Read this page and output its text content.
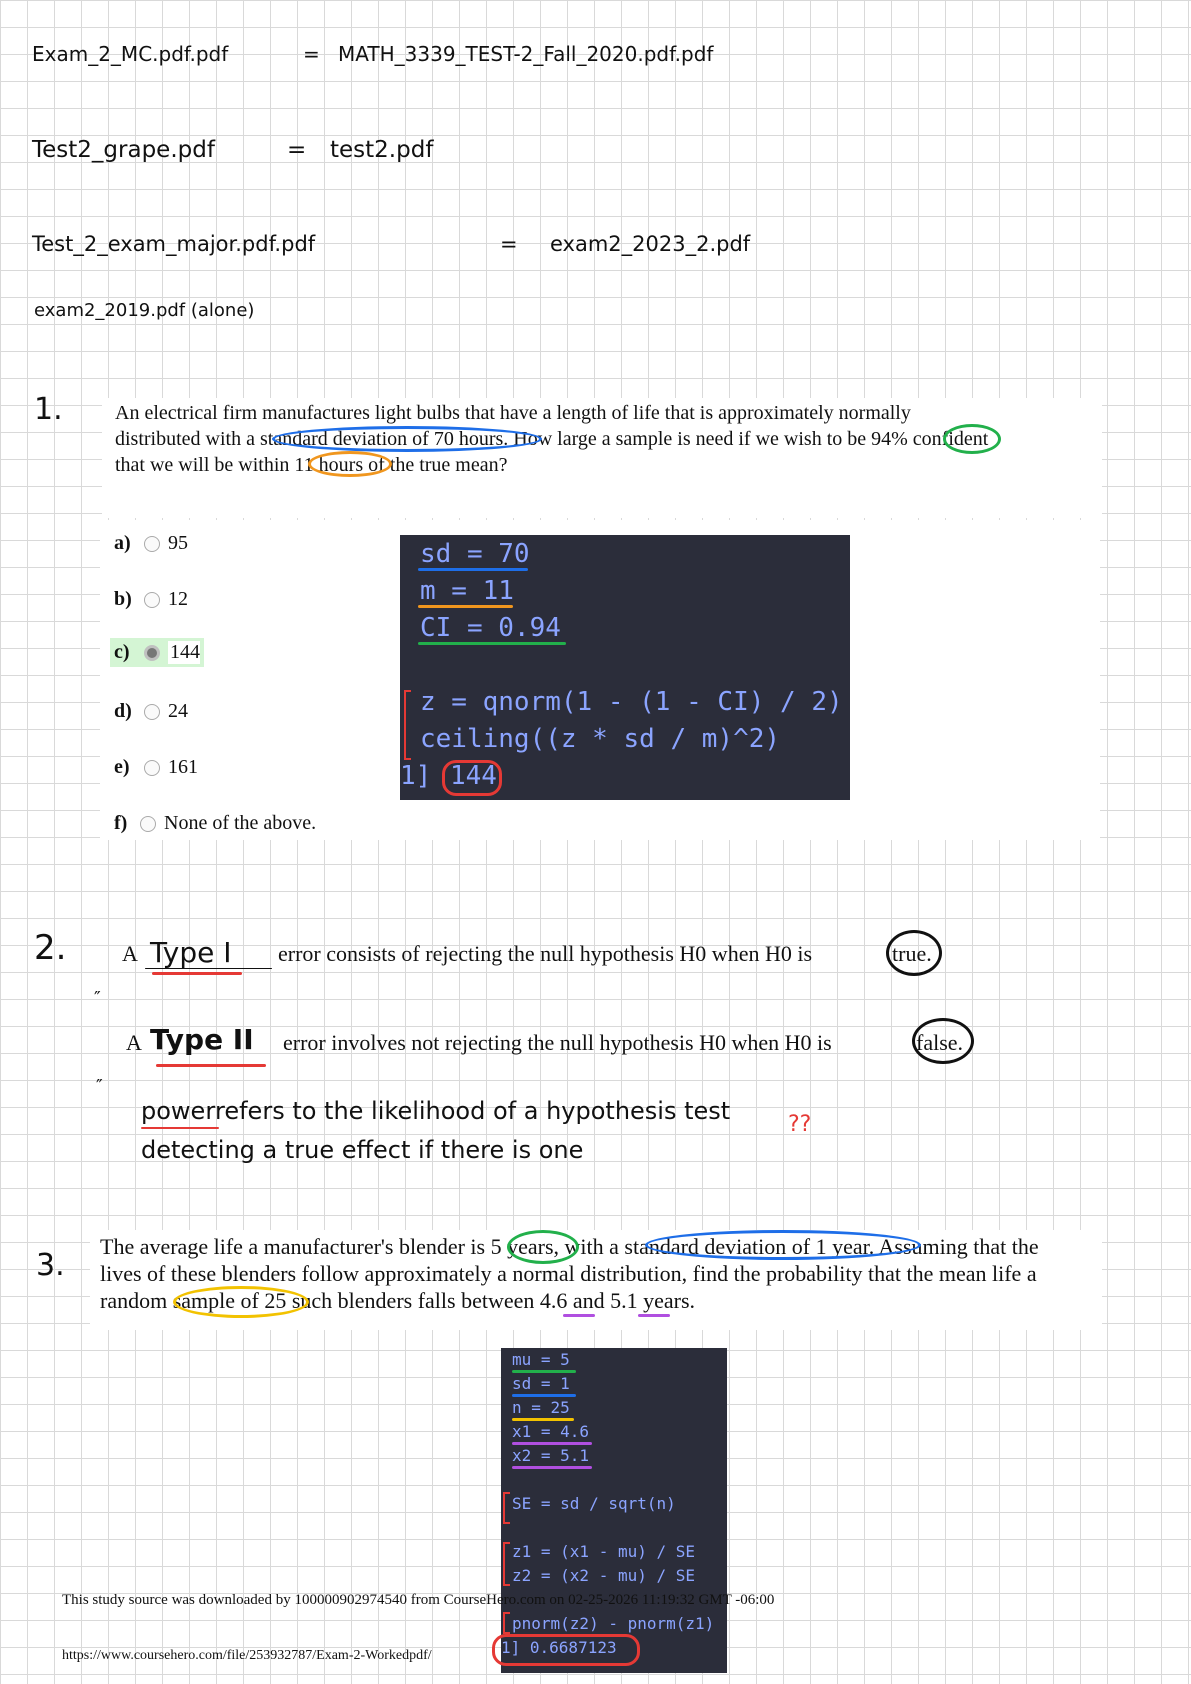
Exam_2_MC.pdf.pdf	= MATH_3339_TEST-2_Fall_2020.pdf.pdf
Test2_grape.pdf	= test2.pdf
Test_2_exam_major.pdf.pdf	= exam2_2023_2.pdf
exam2_2019.pdf (alone)
1.	An electrical firm manufactures light bulbs that have a length of life that is approximately normally
distributed with a standard deviation of 70 hours. How large a sample is need if we wish to be 94% confident
that we will be within 11 hours of the true mean?
a) 95
b) 12
c)	144
d) 24
e)	161
f) None of the above.
sd = 70
m = 11
CI = 0.94
z = qnorm(1 - (1 - CI) / 2)
ceiling((z * sd / m)^2)
1] 144
2.	A Type I error consists of rejecting the null hypothesis H0 when H0 is	true.
″
A Type II error involves not rejecting the null hypothesis H0 when H0 is	false.
″
power refers to the likelihood of a hypothesis test
detecting a true effect if there is one
??
3.
The average life a manufacturer's blender is 5 years, with a standard deviation of 1 year. Assuming that the
lives of these blenders follow approximately a normal distribution, find the probability that the mean life a
random sample of 25 such blenders falls between 4.6 and 5.1 years.
mu = 5
sd = 1
n = 25
x1 = 4.6
x2 = 5.1
SE = sd / sqrt(n)
z1 = (x1 - mu) / SE
z2 = (x2 - mu) / SE
pnorm(z2) - pnorm(z1)
1] 0.6687123
This study source was downloaded by 100000902974540 from CourseHero.com on 02-25-2026 11:19:32 GMT -06:00
https://www.coursehero.com/file/253932787/Exam-2-Workedpdf/
